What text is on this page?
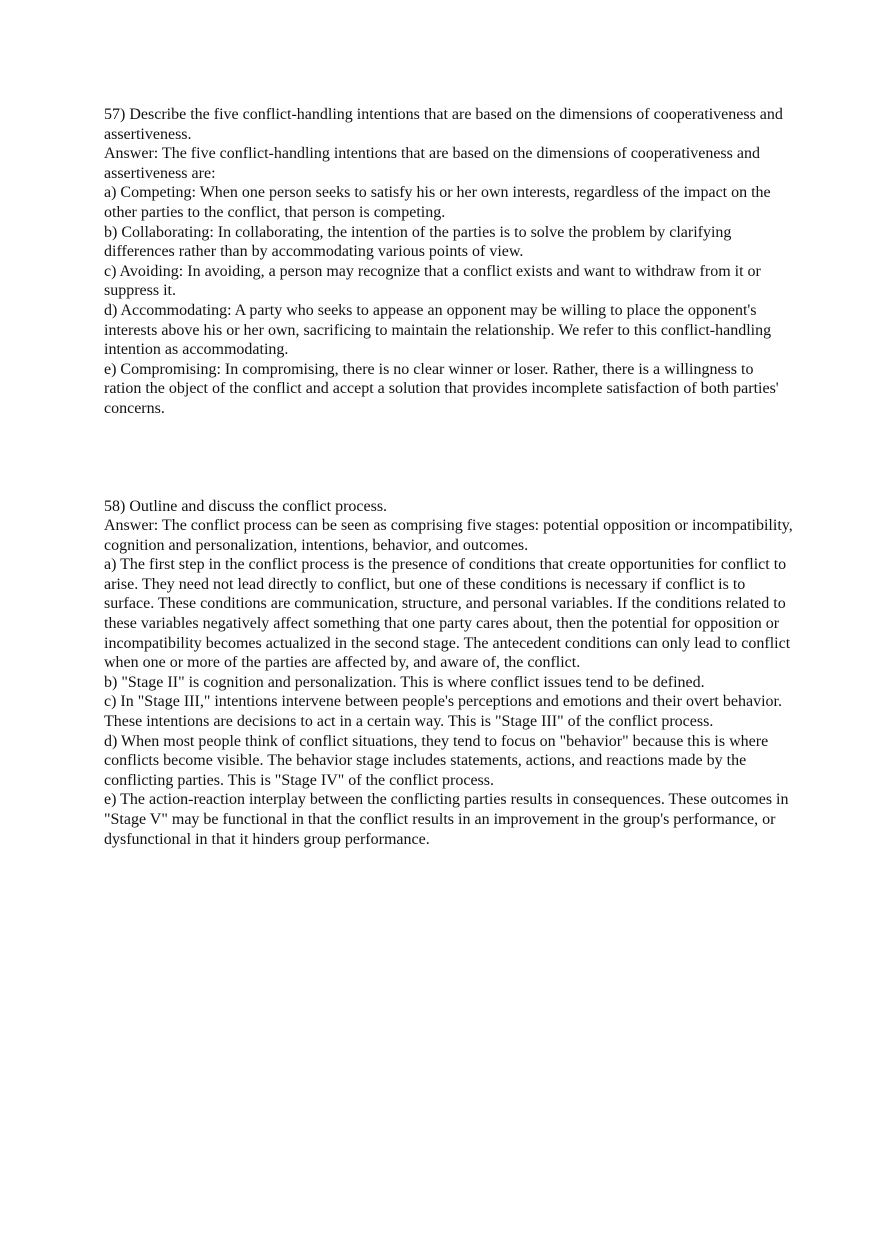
57) Describe the five conflict-handling intentions that are based on the dimensions of cooperativeness and assertiveness.

Answer: The five conflict-handling intentions that are based on the dimensions of cooperativeness and assertiveness are:

a) Competing: When one person seeks to satisfy his or her own interests, regardless of the impact on the other parties to the conflict, that person is competing.

b) Collaborating: In collaborating, the intention of the parties is to solve the problem by clarifying differences rather than by accommodating various points of view.

c) Avoiding: In avoiding, a person may recognize that a conflict exists and want to withdraw from it or suppress it.

d) Accommodating: A party who seeks to appease an opponent may be willing to place the opponent's interests above his or her own, sacrificing to maintain the relationship. We refer to this conflict-handling intention as accommodating.

e) Compromising: In compromising, there is no clear winner or loser. Rather, there is a willingness to ration the object of the conflict and accept a solution that provides incomplete satisfaction of both parties' concerns.

58) Outline and discuss the conflict process.

Answer: The conflict process can be seen as comprising five stages: potential opposition or incompatibility, cognition and personalization, intentions, behavior, and outcomes.

a) The first step in the conflict process is the presence of conditions that create opportunities for conflict to arise. They need not lead directly to conflict, but one of these conditions is necessary if conflict is to surface. These conditions are communication, structure, and personal variables. If the conditions related to these variables negatively affect something that one party cares about, then the potential for opposition or incompatibility becomes actualized in the second stage. The antecedent conditions can only lead to conflict when one or more of the parties are affected by, and aware of, the conflict.

b) "Stage II" is cognition and personalization. This is where conflict issues tend to be defined.

c) In "Stage III," intentions intervene between people's perceptions and emotions and their overt behavior. These intentions are decisions to act in a certain way. This is "Stage III" of the conflict process.

d) When most people think of conflict situations, they tend to focus on "behavior" because this is where conflicts become visible. The behavior stage includes statements, actions, and reactions made by the conflicting parties. This is "Stage IV" of the conflict process.

e) The action-reaction interplay between the conflicting parties results in consequences. These outcomes in "Stage V" may be functional in that the conflict results in an improvement in the group's performance, or dysfunctional in that it hinders group performance.
